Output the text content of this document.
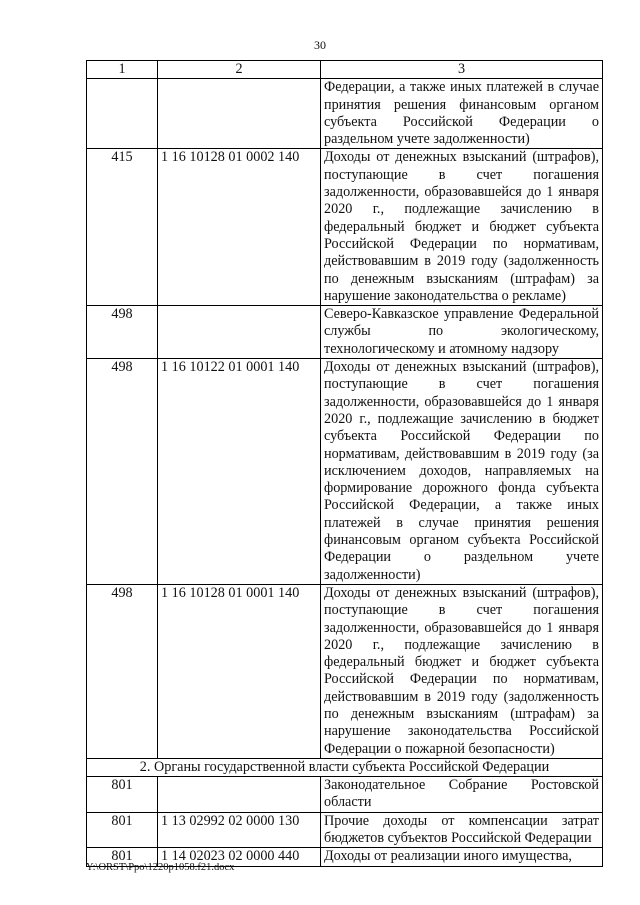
30
1	2	3
		Федерации, а также иных платежей в случае принятия решения финансовым органом субъекта Российской Федерации о раздельном учете задолженности)
415	1 16 10128 01 0002 140	Доходы от денежных взысканий (штрафов), поступающие в счет погашения задолженности, образовавшейся до 1 января 2020 г., подлежащие зачислению в федеральный бюджет и бюджет субъекта Российской Федерации по нормативам, действовавшим в 2019 году (задолженность по денежным взысканиям (штрафам) за нарушение законодательства о рекламе)
498		Северо-Кавказское управление Федеральной службы по экологическому, технологическому и атомному надзору
498	1 16 10122 01 0001 140	Доходы от денежных взысканий (штрафов), поступающие в счет погашения задолженности, образовавшейся до 1 января 2020 г., подлежащие зачислению в бюджет субъекта Российской Федерации по нормативам, действовавшим в 2019 году (за исключением доходов, направляемых на формирование дорожного фонда субъекта Российской Федерации, а также иных платежей в случае принятия решения финансовым органом субъекта Российской Федерации о раздельном учете задолженности)
498	1 16 10128 01 0001 140	Доходы от денежных взысканий (штрафов), поступающие в счет погашения задолженности, образовавшейся до 1 января 2020 г., подлежащие зачислению в федеральный бюджет и бюджет субъекта Российской Федерации по нормативам, действовавшим в 2019 году (задолженность по денежным взысканиям (штрафам) за нарушение законодательства Российской Федерации о пожарной безопасности)
2. Органы государственной власти субъекта Российской Федерации		
801		Законодательное Собрание Ростовской области
801	1 13 02992 02 0000 130	Прочие доходы от компенсации затрат бюджетов субъектов Российской Федерации
801	1 14 02023 02 0000 440	Доходы от реализации иного имущества,
Y:\ORST\Ppo\1220p1058.f21.docx
